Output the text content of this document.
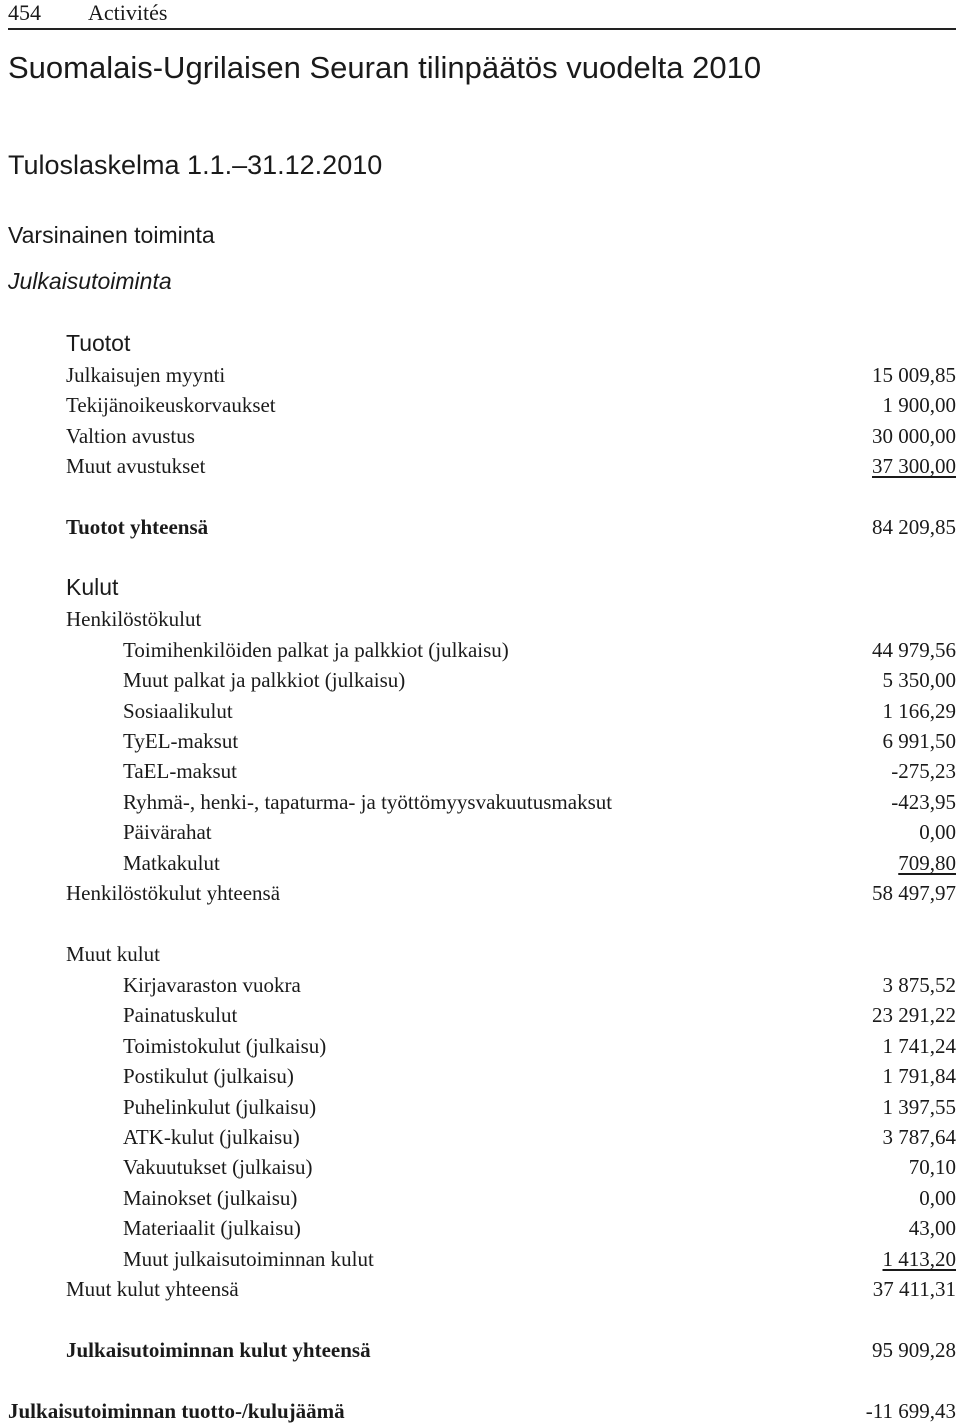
454 Activités
Suomalais-Ugrilaisen Seuran tilinpäätös vuodelta 2010
Tuloslaskelma 1.1.–31.12.2010
Varsinainen toiminta
Julkaisutoiminta
Tuotot
Julkaisujen myynti	15 009,85
Tekijänoikeuskorvaukset	1 900,00
Valtion avustus	30 000,00
Muut avustukset	37 300,00
Tuotot yhteensä	84 209,85
Kulut
Henkilöstökulut
Toimihenkilöiden palkat ja palkkiot (julkaisu)	44 979,56
Muut palkat ja palkkiot (julkaisu)	5 350,00
Sosiaalikulut	1 166,29
TyEL-maksut	6 991,50
TaEL-maksut	-275,23
Ryhmä-, henki-, tapaturma- ja työttömyysvakuutusmaksut	-423,95
Päivärahat	0,00
Matkakulut	709,80
Henkilöstökulut yhteensä	58 497,97
Muut kulut
Kirjavaraston vuokra	3 875,52
Painatuskulut	23 291,22
Toimistokulut (julkaisu)	1 741,24
Postikulut (julkaisu)	1 791,84
Puhelinkulut (julkaisu)	1 397,55
ATK-kulut (julkaisu)	3 787,64
Vakuutukset (julkaisu)	70,10
Mainokset (julkaisu)	0,00
Materiaalit (julkaisu)	43,00
Muut julkaisutoiminnan kulut	1 413,20
Muut kulut yhteensä	37 411,31
Julkaisutoiminnan kulut yhteensä	95 909,28
Julkaisutoiminnan tuotto-/kulujäämä	-11 699,43
